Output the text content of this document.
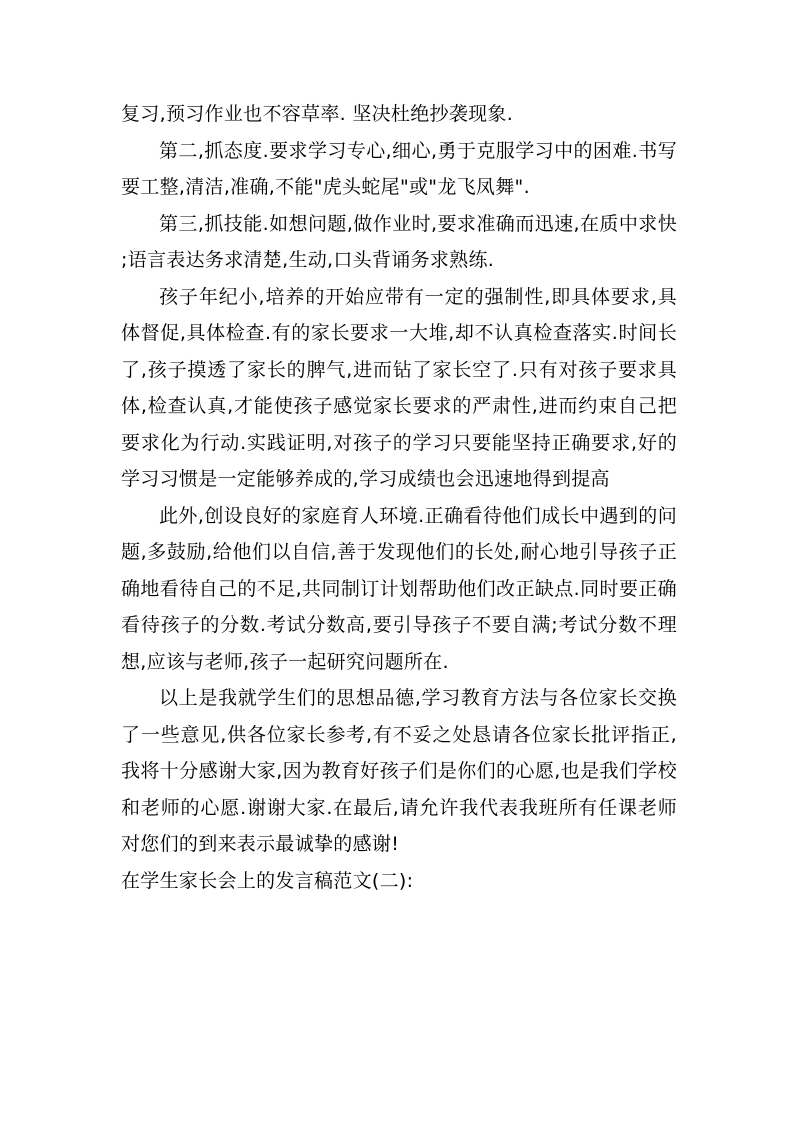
复习,预习作业也不容草率. 坚决杜绝抄袭现象.

第二,抓态度.要求学习专心,细心,勇于克服学习中的困难.书写要工整,清洁,准确,不能"虎头蛇尾"或"龙飞凤舞".

第三,抓技能.如想问题,做作业时,要求准确而迅速,在质中求快;语言表达务求清楚,生动,口头背诵务求熟练.

孩子年纪小,培养的开始应带有一定的强制性,即具体要求,具体督促,具体检查.有的家长要求一大堆,却不认真检查落实.时间长了,孩子摸透了家长的脾气,进而钻了家长空了.只有对孩子要求具体,检查认真,才能使孩子感觉家长要求的严肃性,进而约束自己把要求化为行动.实践证明,对孩子的学习只要能坚持正确要求,好的学习习惯是一定能够养成的,学习成绩也会迅速地得到提高

此外,创设良好的家庭育人环境.正确看待他们成长中遇到的问题,多鼓励,给他们以自信,善于发现他们的长处,耐心地引导孩子正确地看待自己的不足,共同制订计划帮助他们改正缺点.同时要正确看待孩子的分数.考试分数高,要引导孩子不要自满;考试分数不理想,应该与老师,孩子一起研究问题所在.

以上是我就学生们的思想品德,学习教育方法与各位家长交换了一些意见,供各位家长参考,有不妥之处恳请各位家长批评指正,我将十分感谢大家,因为教育好孩子们是你们的心愿,也是我们学校和老师的心愿.谢谢大家.在最后,请允许我代表我班所有任课老师对您们的到来表示最诚挚的感谢!

在学生家长会上的发言稿范文(二):
